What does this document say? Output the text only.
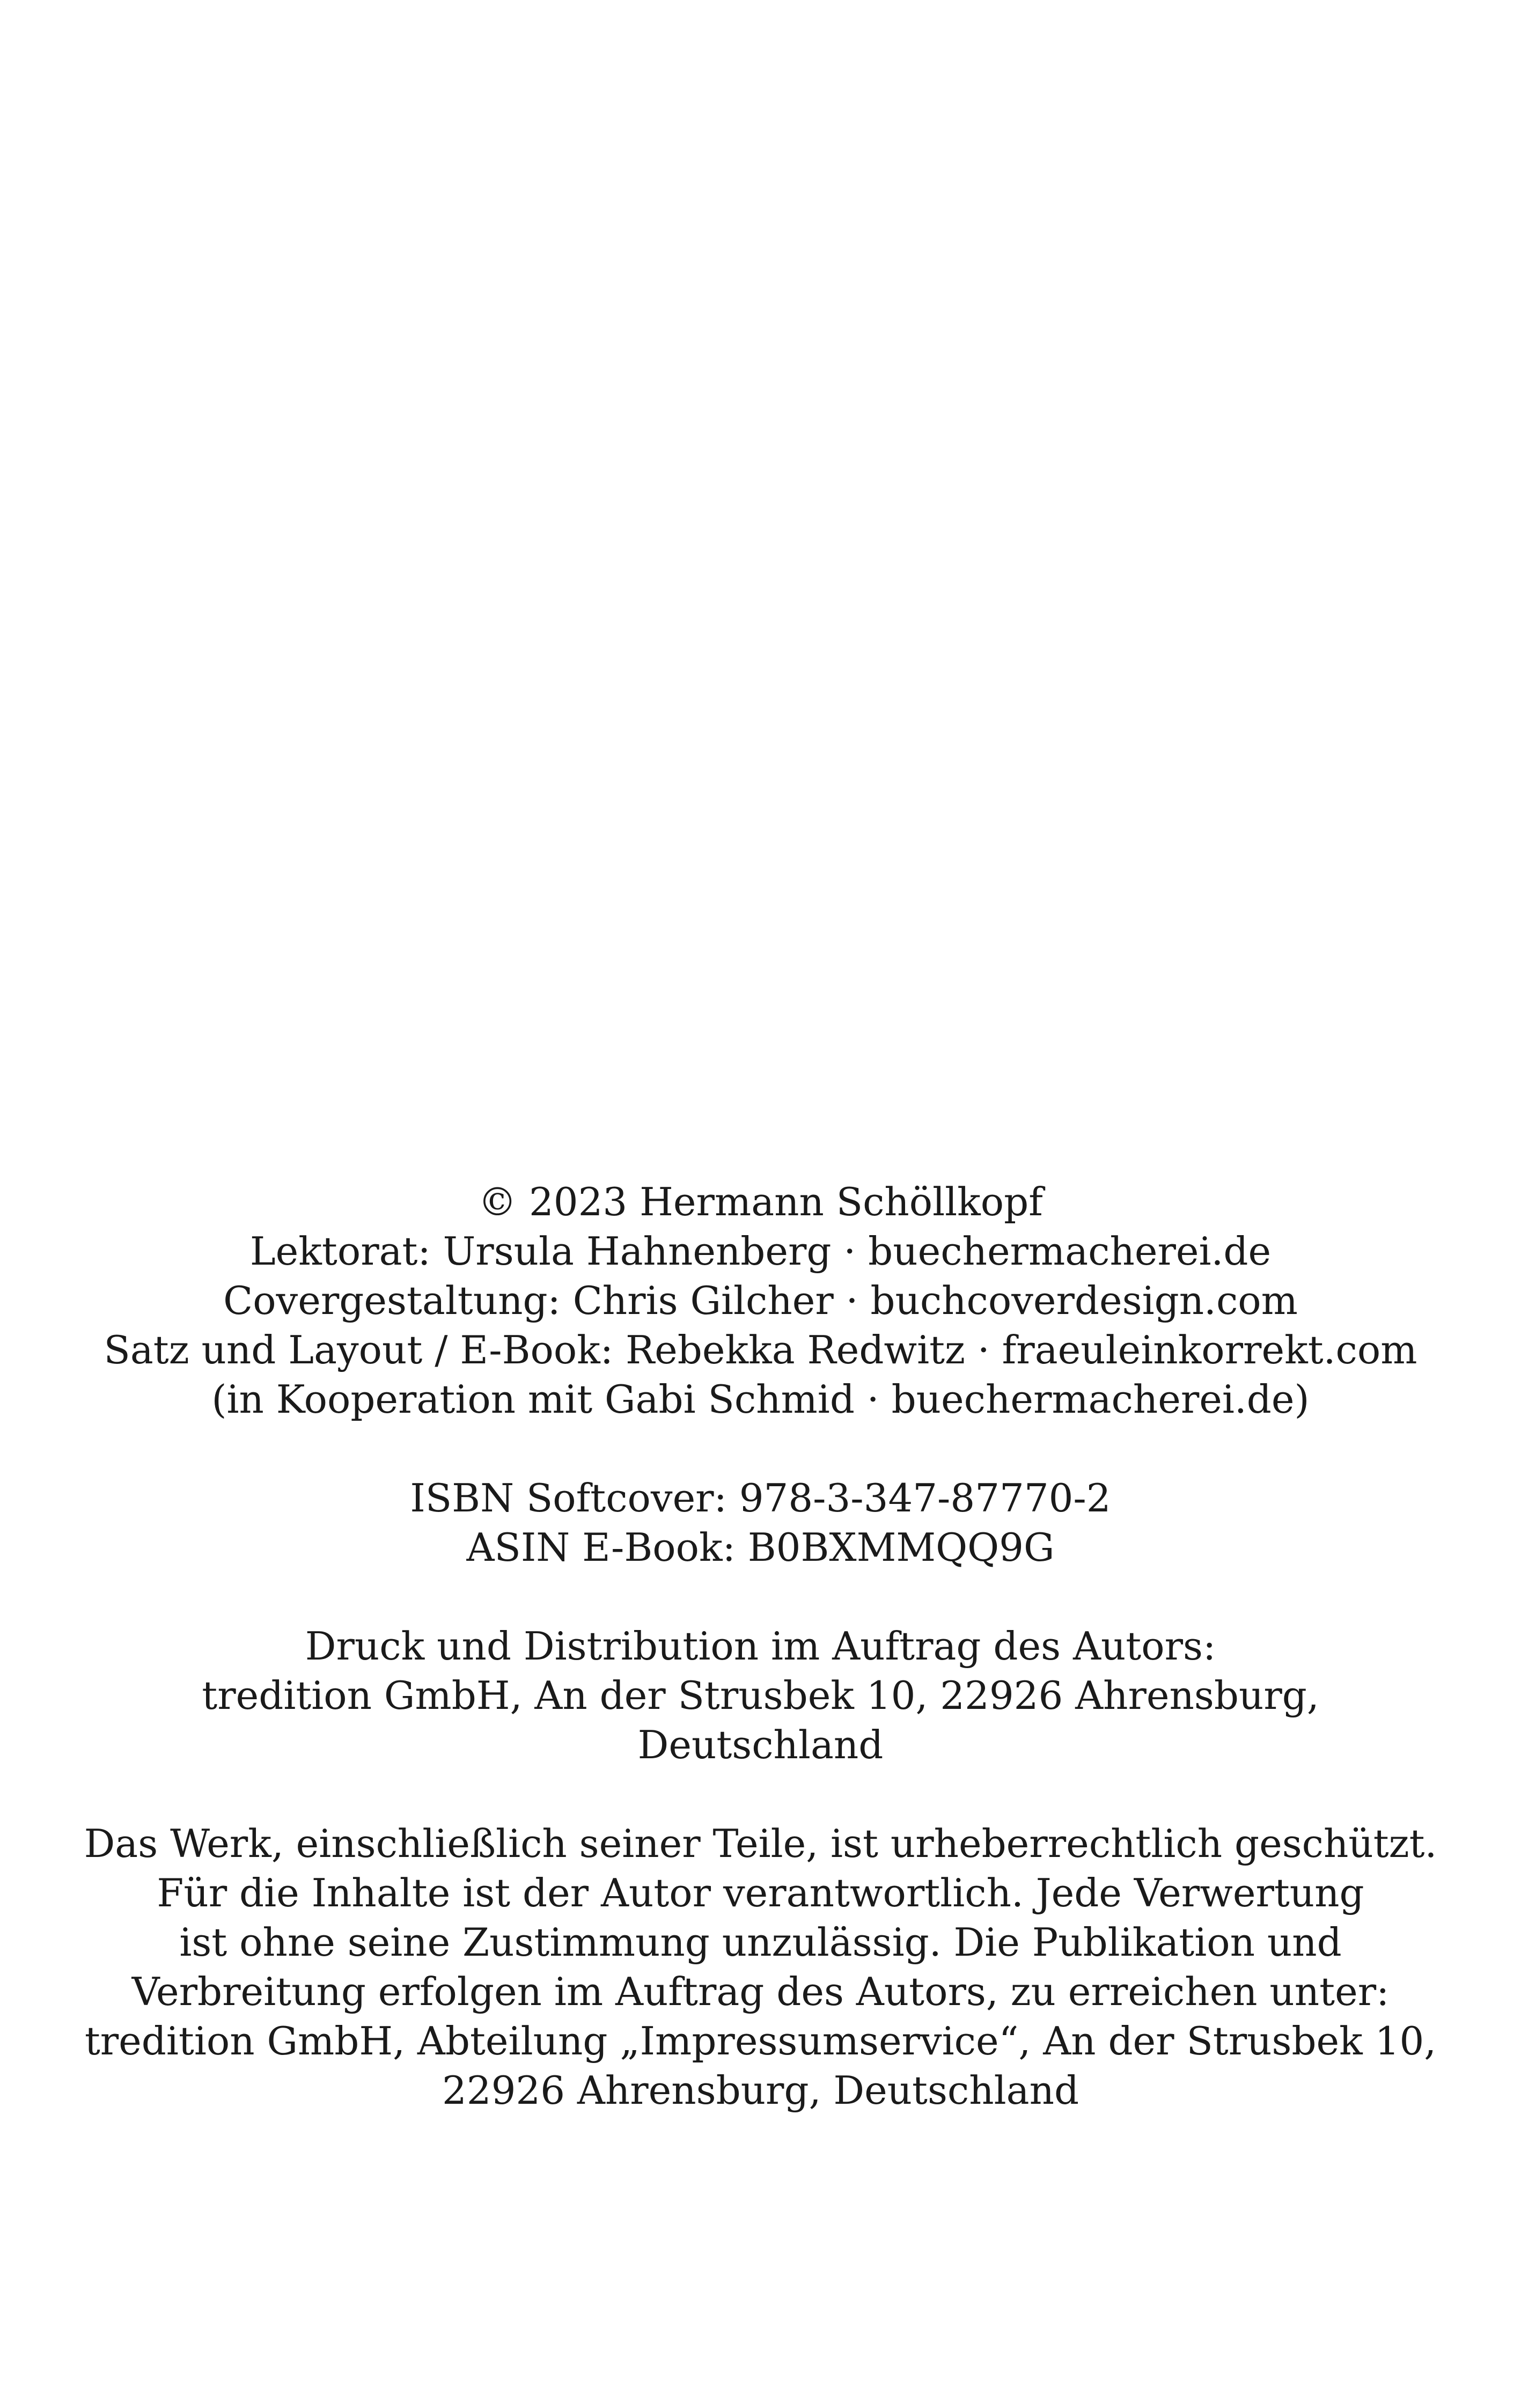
© 2023 Hermann Schöllkopf
Lektorat: Ursula Hahnenberg · buechermacherei.de
Covergestaltung: Chris Gilcher · buchcoverdesign.com
Satz und Layout / E-Book: Rebekka Redwitz · fraeuleinkorrekt.com
(in Kooperation mit Gabi Schmid · buechermacherei.de)

ISBN Softcover: 978-3-347-87770-2
ASIN E-Book: B0BXMMQQ9G

Druck und Distribution im Auftrag des Autors:
tredition GmbH, An der Strusbek 10, 22926 Ahrensburg,
Deutschland

Das Werk, einschließlich seiner Teile, ist urheberrechtlich geschützt.
Für die Inhalte ist der Autor verantwortlich. Jede Verwertung
ist ohne seine Zustimmung unzulässig. Die Publikation und
Verbreitung erfolgen im Auftrag des Autors, zu erreichen unter:
tredition GmbH, Abteilung „Impressumservice“, An der Strusbek 10,
22926 Ahrensburg, Deutschland
